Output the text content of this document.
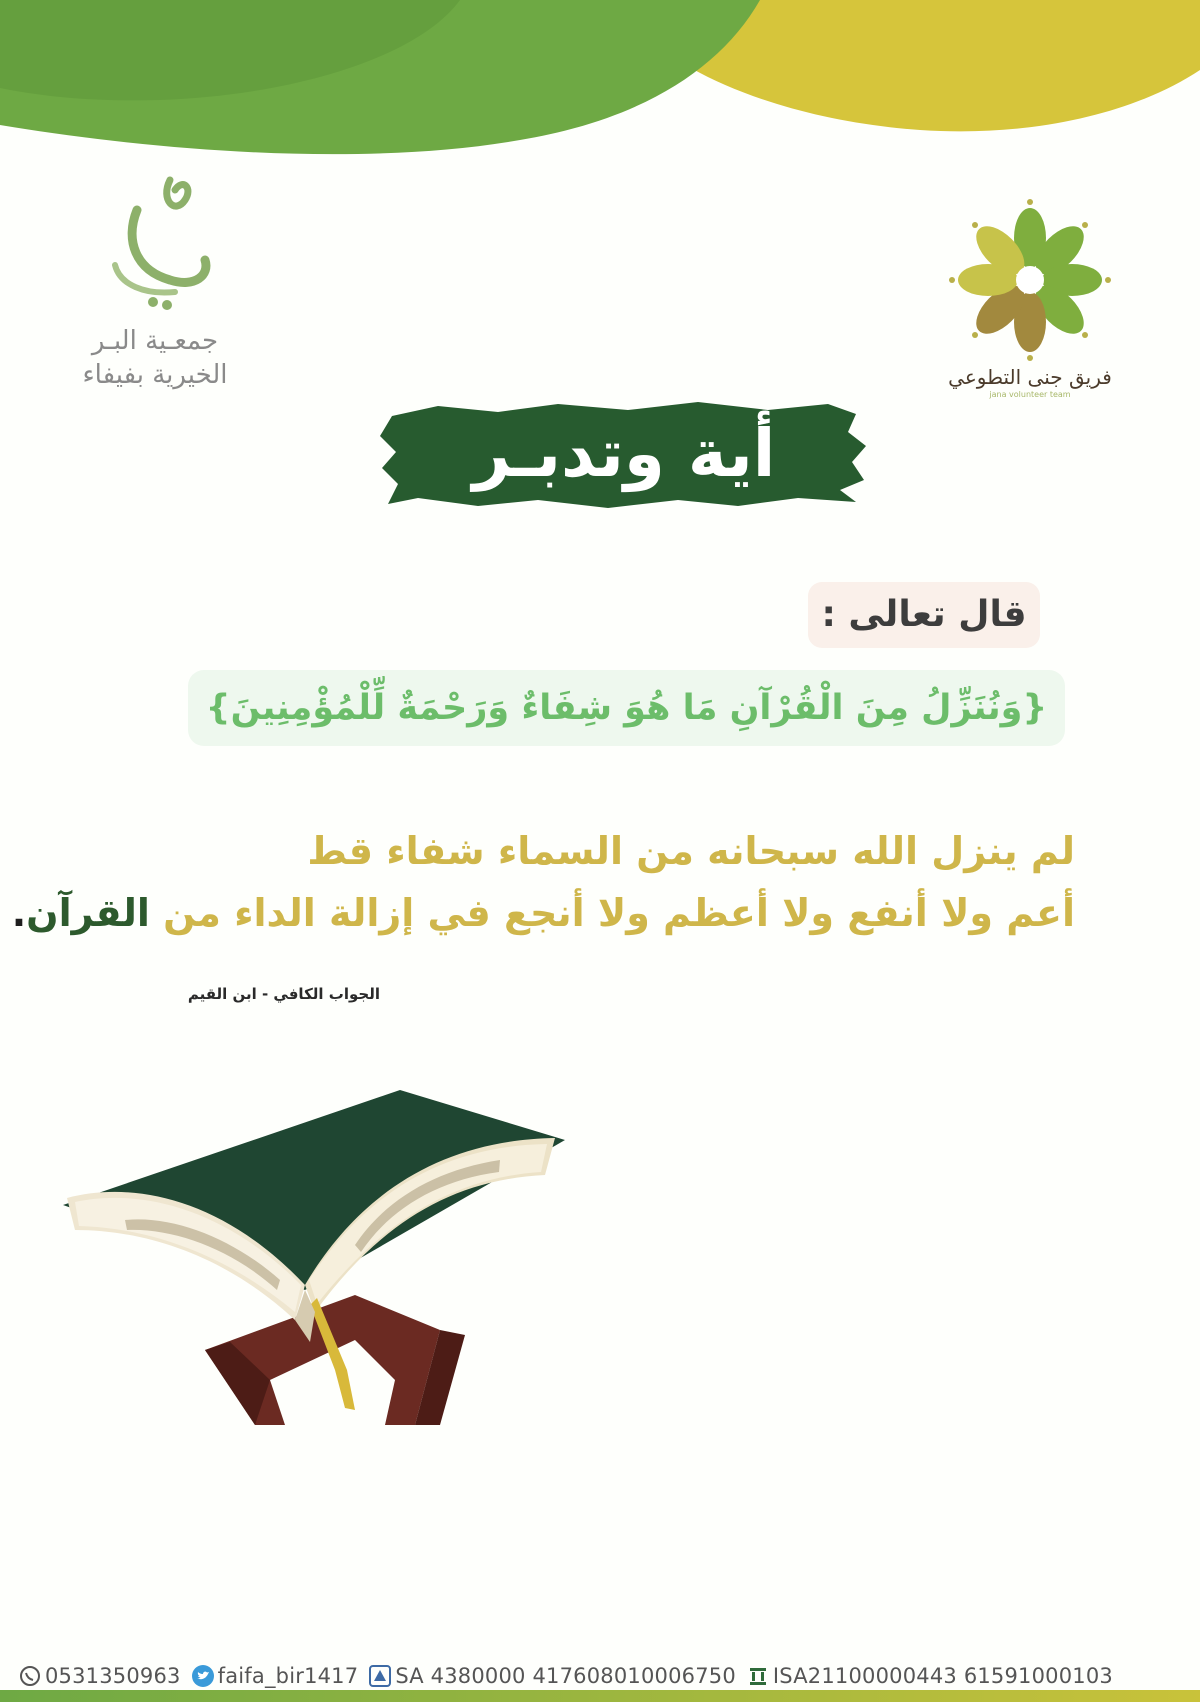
جمعـية البـر
الخيرية بفيفاء	فريق جنى التطوعي
jana volunteer team
أية وتدبـر
قال تعالى :
{وَنُنَزِّلُ مِنَ الْقُرْآنِ مَا هُوَ شِفَاءٌ وَرَحْمَةٌ لِّلْمُؤْمِنِينَ}
لم ينزل الله سبحانه من السماء شفاء قط
أعم ولا أنفع ولا أعظم ولا أنجع في إزالة الداء من القرآن.
الجواب الكافي - ابن القيم
0531350963 faifa_bir1417 SA 4380000 417608010006750 ISA21100000443 61591000103
